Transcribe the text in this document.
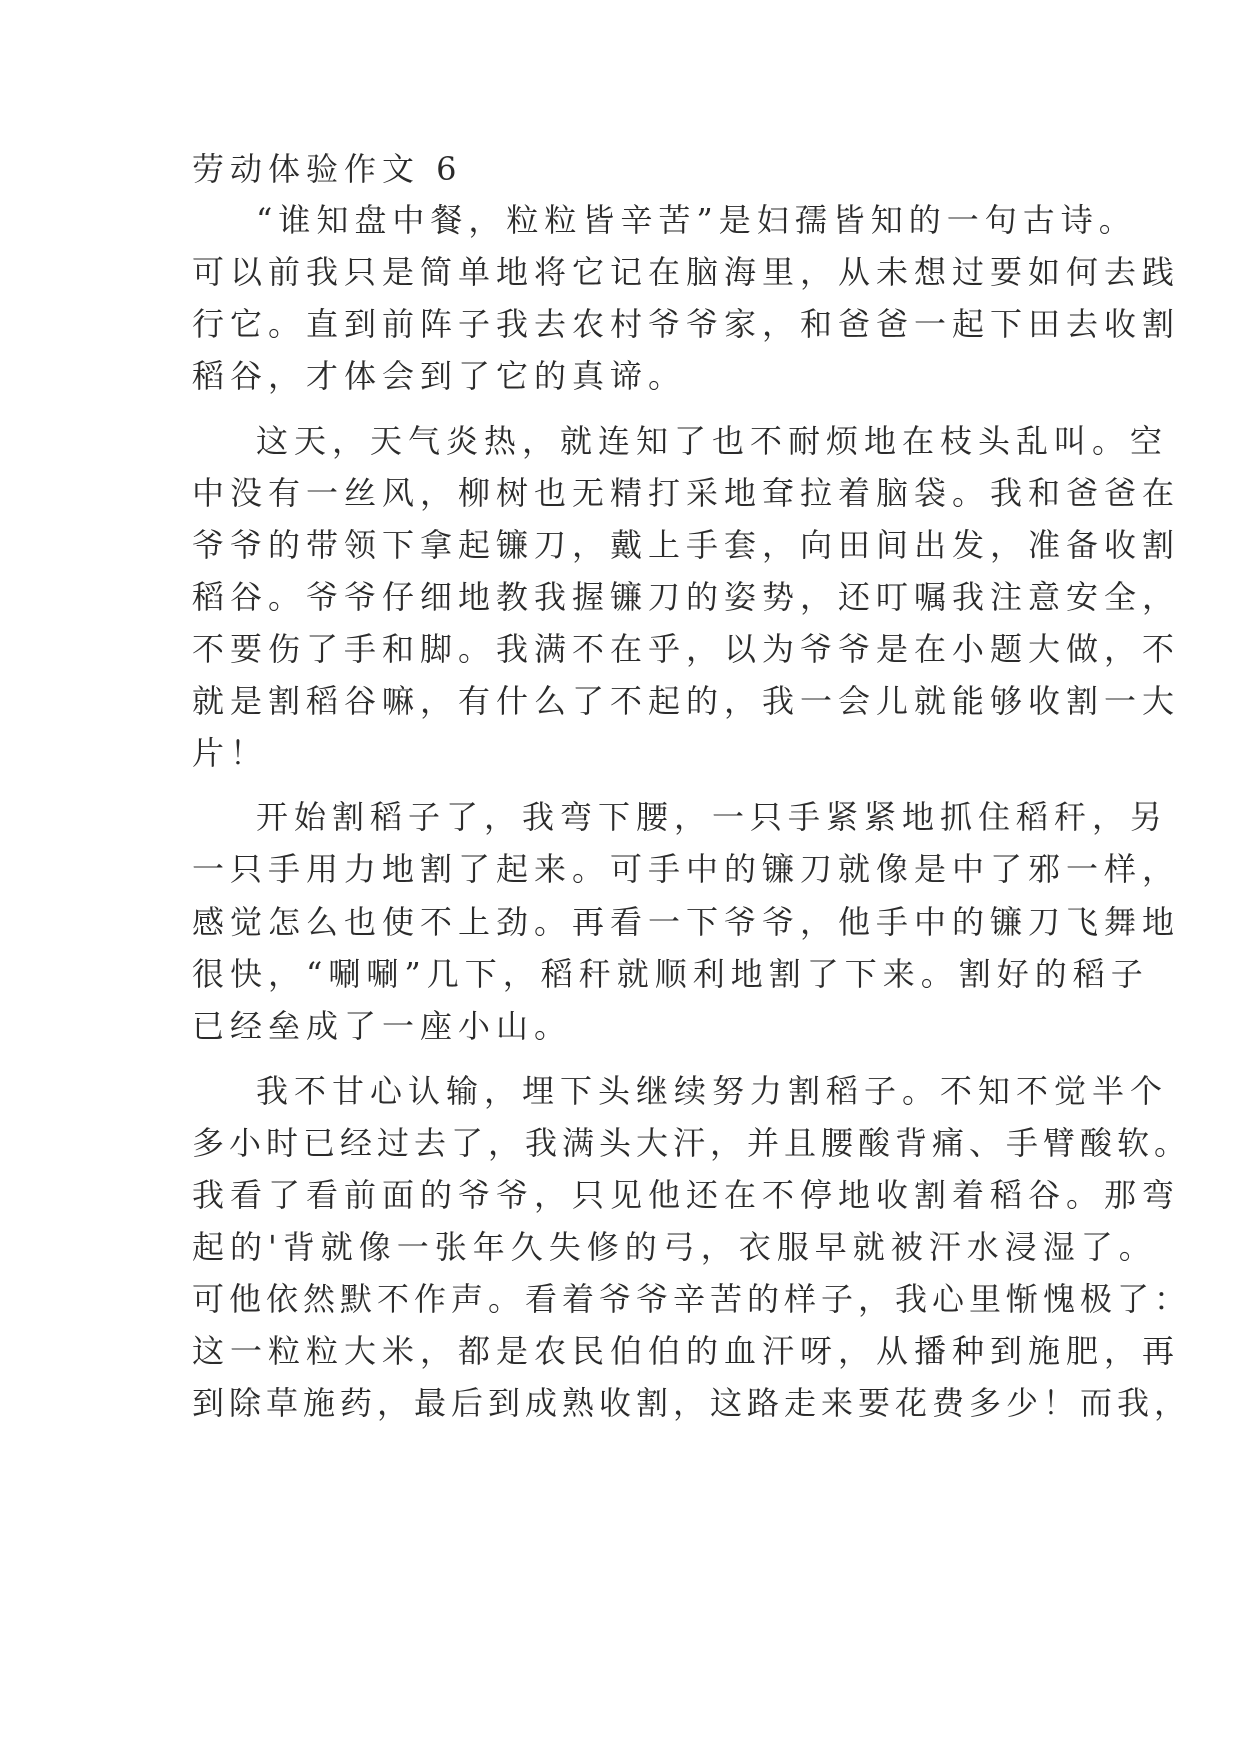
劳动体验作文 6

“谁知盘中餐，粒粒皆辛苦”是妇孺皆知的一句古诗。

可以前我只是简单地将它记在脑海里，从未想过要如何去践

行它。直到前阵子我去农村爷爷家，和爸爸一起下田去收割

稻谷，才体会到了它的真谛。

这天，天气炎热，就连知了也不耐烦地在枝头乱叫。空

中没有一丝风，柳树也无精打采地耷拉着脑袋。我和爸爸在

爷爷的带领下拿起镰刀，戴上手套，向田间出发，准备收割

稻谷。爷爷仔细地教我握镰刀的姿势，还叮嘱我注意安全，

不要伤了手和脚。我满不在乎，以为爷爷是在小题大做，不

就是割稻谷嘛，有什么了不起的，我一会儿就能够收割一大

片！

开始割稻子了，我弯下腰，一只手紧紧地抓住稻秆，另

一只手用力地割了起来。可手中的镰刀就像是中了邪一样，

感觉怎么也使不上劲。再看一下爷爷，他手中的镰刀飞舞地

很快，“唰唰”几下，稻秆就顺利地割了下来。割好的稻子

已经垒成了一座小山。

我不甘心认输，埋下头继续努力割稻子。不知不觉半个

多小时已经过去了，我满头大汗，并且腰酸背痛、手臂酸软。

我看了看前面的爷爷，只见他还在不停地收割着稻谷。那弯

起的'背就像一张年久失修的弓，衣服早就被汗水浸湿了。

可他依然默不作声。看着爷爷辛苦的样子，我心里惭愧极了：

这一粒粒大米，都是农民伯伯的血汗呀，从播种到施肥，再

到除草施药，最后到成熟收割，这路走来要花费多少！而我，
